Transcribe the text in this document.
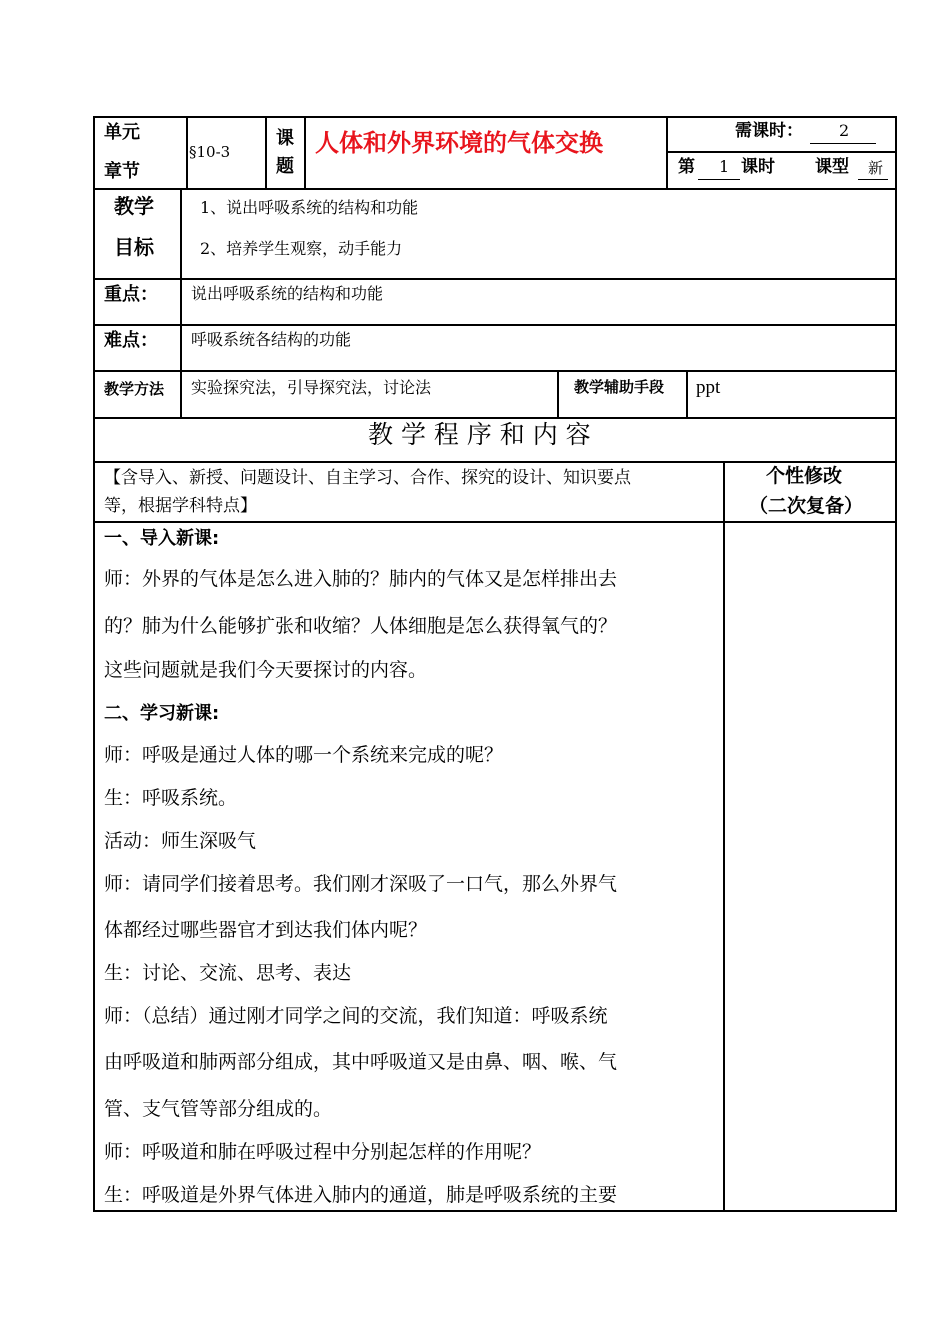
单元
章节
§10-3
课
题
人体和外界环境的气体交换	需课时： 2
第 1 课时 课型 新
教学
目标
1、说出呼吸系统的结构和功能
2、培养学生观察，动手能力
重点： 说出呼吸系统的结构和功能
难点： 呼吸系统各结构的功能
教学方法 实验探究法，引导探究法，讨论法	教学辅助手段 ppt
教 学 程 序 和 内 容
【含导入、新授、问题设计、自主学习、合作、探究的设计、知识要点
等，根据学科特点】
个性修改
（二次复备）
一、导入新课:
师：外界的气体是怎么进入肺的？肺内的气体又是怎样排出去
的？肺为什么能够扩张和收缩？人体细胞是怎么获得氧气的？
这些问题就是我们今天要探讨的内容。
二、学习新课:
师：呼吸是通过人体的哪一个系统来完成的呢？
生：呼吸系统。
活动：师生深吸气
师：请同学们接着思考。我们刚才深吸了一口气，那么外界气
体都经过哪些器官才到达我们体内呢？
生：讨论、交流、思考、表达
师：（总结）通过刚才同学之间的交流，我们知道：呼吸系统
由呼吸道和肺两部分组成，其中呼吸道又是由鼻、咽、喉、气
管、支气管等部分组成的。
师：呼吸道和肺在呼吸过程中分别起怎样的作用呢？
生：呼吸道是外界气体进入肺内的通道，肺是呼吸系统的主要
